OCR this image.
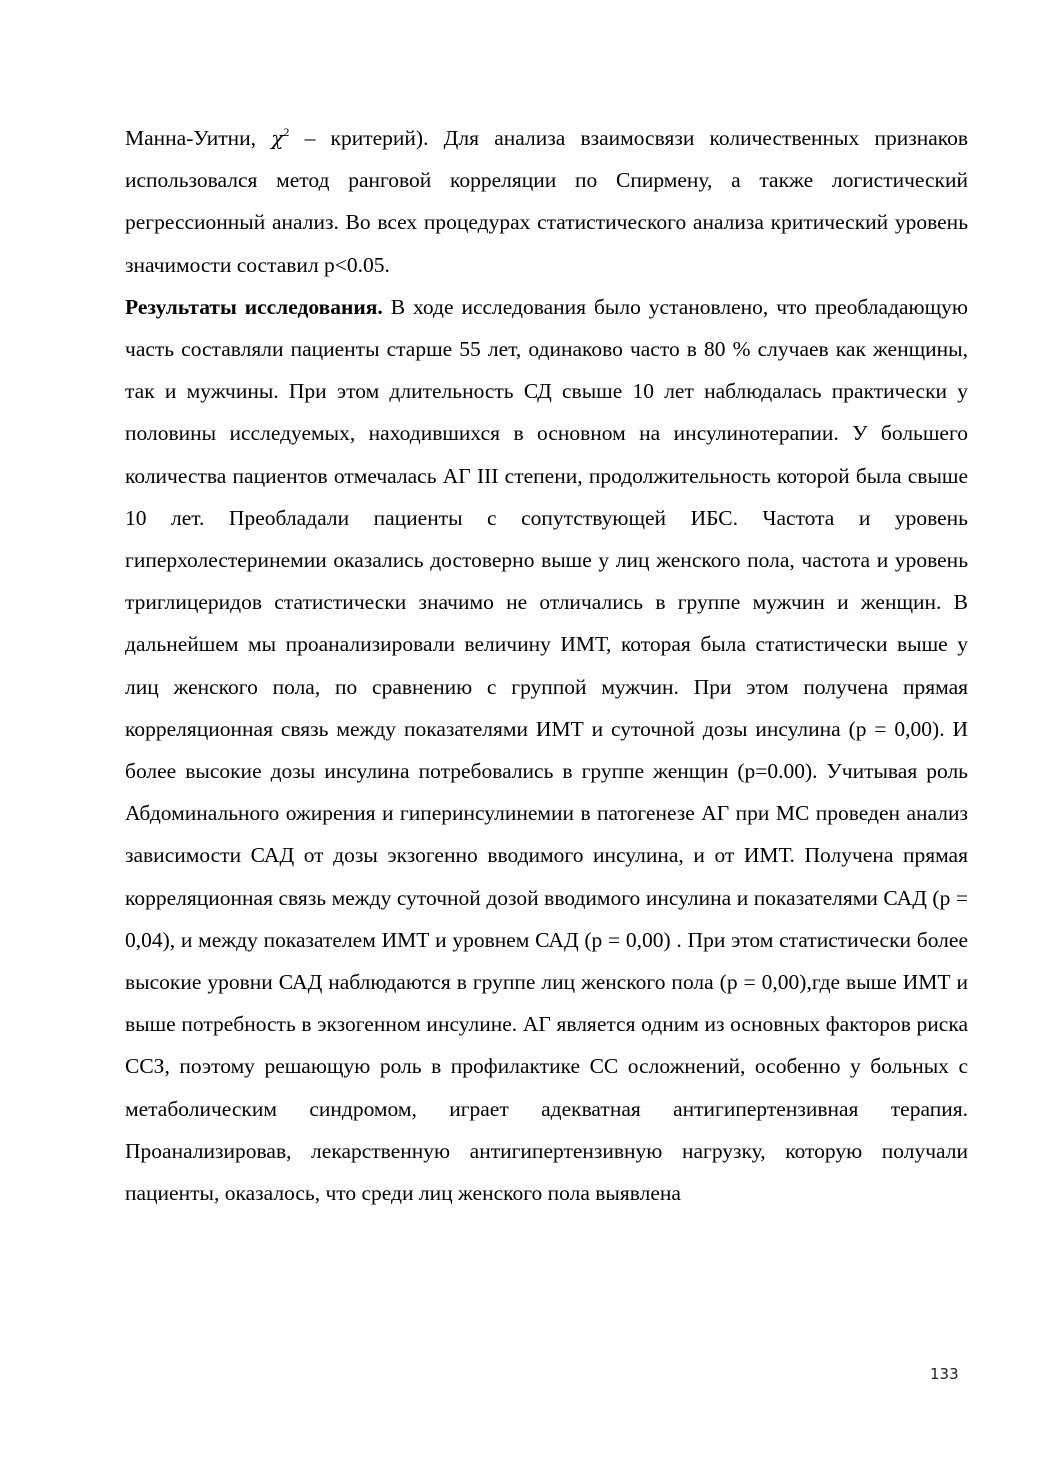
Манна-Уитни, $\chi^2$ – критерий). Для анализа взаимосвязи количественных признаков использовался метод ранговой корреляции по Спирмену, а также логистический регрессионный анализ. Во всех процедурах статистического анализа критический уровень значимости составил p<0.05.

Результаты исследования. В ходе исследования было установлено, что преобладающую часть составляли пациенты старше 55 лет, одинаково часто в 80 % случаев как женщины, так и мужчины. При этом длительность СД свыше 10 лет наблюдалась практически у половины исследуемых, находившихся в основном на инсулинотерапии. У большего количества пациентов отмечалась АГ III степени, продолжительность которой была свыше 10 лет. Преобладали пациенты с сопутствующей ИБС. Частота и уровень гиперхолестеринемии оказались достоверно выше у лиц женского пола, частота и уровень триглицеридов статистически значимо не отличались в группе мужчин и женщин. В дальнейшем мы проанализировали величину ИМТ, которая была статистически выше у лиц женского пола, по сравнению с группой мужчин. При этом получена прямая корреляционная связь между показателями ИМТ и суточной дозы инсулина (p = 0,00). И более высокие дозы инсулина потребовались в группе женщин (p=0.00). Учитывая роль Абдоминального ожирения и гиперинсулинемии в патогенезе АГ при МС проведен анализ зависимости САД от дозы экзогенно вводимого инсулина, и от ИМТ. Получена прямая корреляционная связь между суточной дозой вводимого инсулина и показателями САД (p = 0,04), и между показателем ИМТ и уровнем САД (p = 0,00) . При этом статистически более высокие уровни САД наблюдаются в группе лиц женского пола (p = 0,00),где выше ИМТ и выше потребность в экзогенном инсулине. АГ является одним из основных факторов риска ССЗ, поэтому решающую роль в профилактике СС осложнений, особенно у больных с метаболическим синдромом, играет адекватная антигипертензивная терапия. Проанализировав, лекарственную антигипертензивную нагрузку, которую получали пациенты, оказалось, что среди лиц женского пола выявлена

133
